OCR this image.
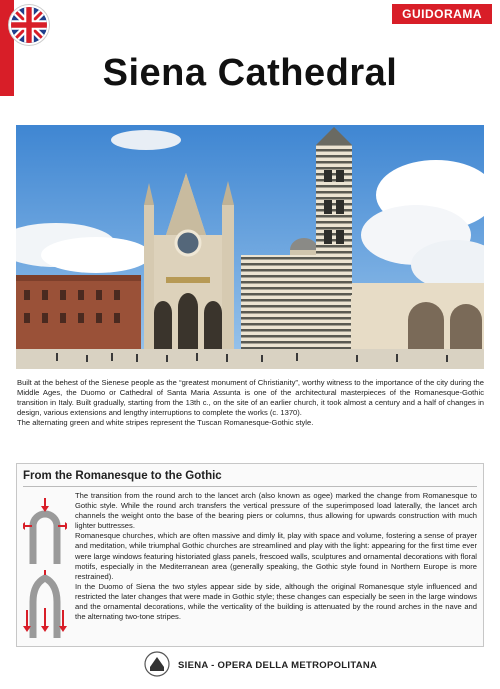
GUIDORAMA
Siena Cathedral

Built at the behest of the Sienese people as the “greatest monument of Christianity”, worthy witness to the importance of the city during the Middle Ages, the Duomo or Cathedral of Santa Maria Assunta is one of the architectural masterpieces of the Romanesque-Gothic transition in Italy. Built gradually, starting from the 13th c., on the site of an earlier church, it took almost a century and a half of changes in design, various extensions and lengthy interruptions to complete the works (c. 1370).

The alternating green and white stripes represent the Tuscan Romanesque-Gothic style.

From the Romanesque to the Gothic

The transition from the round arch to the lancet arch (also known as ogee) marked the change from Romanesque to Gothic style. While the round arch transfers the vertical pressure of the superimposed load laterally, the lancet arch channels the weight onto the base of the bearing piers or columns, thus allowing for upwards construction with much lighter buttresses.

Romanesque churches, which are often massive and dimly lit, play with space and volume, fostering a sense of prayer and meditation, while triumphal Gothic churches are streamlined and play with the light: appearing for the first time ever were large windows featuring historiated glass panels, frescoed walls, sculptures and ornamental decorations with floral motifs, especially in the Mediterranean area (generally speaking, the Gothic style found in Northern Europe is more restrained).

In the Duomo of Siena the two styles appear side by side, although the original Romanesque style influenced and restricted the later changes that were made in Gothic style; these changes can especially be seen in the large windows and the ornamental decorations, while the verticality of the building is attenuated by the round arches in the nave and the alternating two-tone stripes.

SIENA - OPERA DELLA METROPOLITANA
